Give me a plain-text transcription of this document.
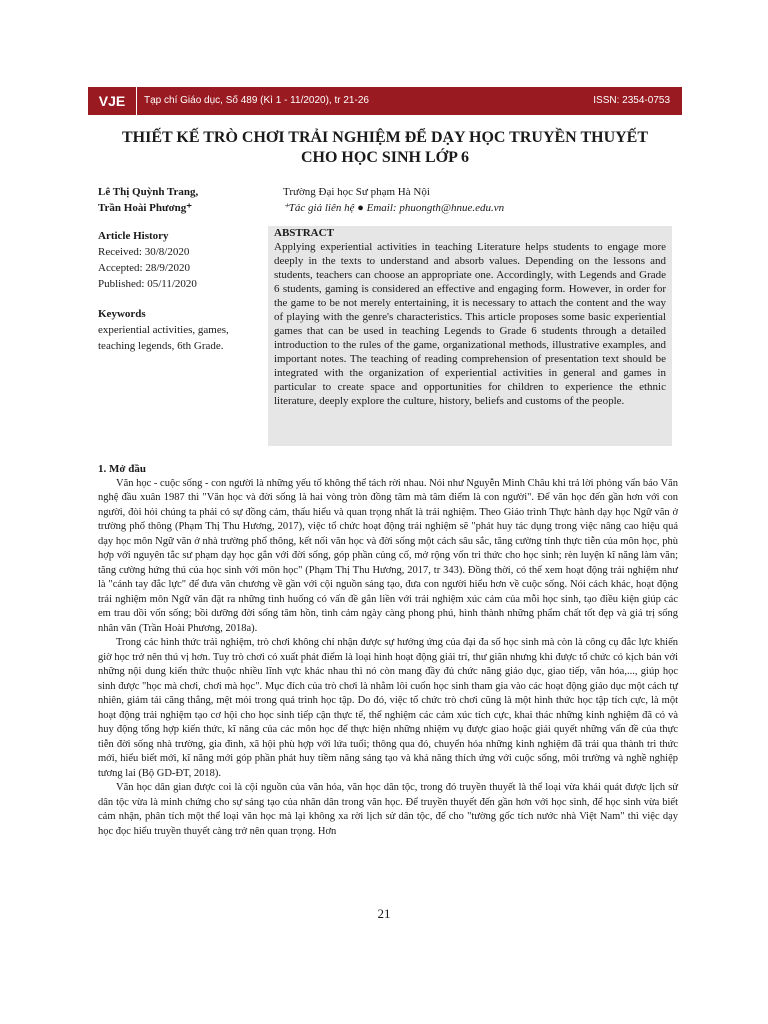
VJE	Tạp chí Giáo dục, Số 489 (Kì 1 - 11/2020), tr 21-26	ISSN: 2354-0753
THIẾT KẾ TRÒ CHƠI TRẢI NGHIỆM ĐỂ DẠY HỌC TRUYỀN THUYẾT
CHO HỌC SINH LỚP 6
Lê Thị Quỳnh Trang,
Trần Hoài Phương⁺
Trường Đại học Sư phạm Hà Nội
⁺Tác giả liên hệ ● Email: phuongth@hnue.edu.vn
Article History
Received: 30/8/2020
Accepted: 28/9/2020
Published: 05/11/2020
Keywords
experiential activities, games, teaching legends, 6th Grade.
ABSTRACT
Applying experiential activities in teaching Literature helps students to engage more deeply in the texts to understand and absorb values. Depending on the lessons and students, teachers can choose an appropriate one. Accordingly, with Legends and Grade 6 students, gaming is considered an effective and engaging form. However, in order for the game to be not merely entertaining, it is necessary to attach the content and the way of playing with the genre's characteristics. This article proposes some basic experiential games that can be used in teaching Legends to Grade 6 students through a detailed introduction to the rules of the game, organizational methods, illustrative examples, and important notes. The teaching of reading comprehension of presentation text should be integrated with the organization of experiential activities in general and games in particular to create space and opportunities for children to experience the ethnic literature, deeply explore the culture, history, beliefs and customs of the people.
1. Mở đầu

Văn học - cuộc sống - con người là những yếu tố không thể tách rời nhau. Nói như Nguyễn Minh Châu khi trả lời phỏng vấn báo Văn nghệ đầu xuân 1987 thì "Văn học và đời sống là hai vòng tròn đồng tâm mà tâm điểm là con người". Để văn học đến gần hơn với con người, đòi hỏi chúng ta phải có sự đồng cảm, thấu hiểu và quan trọng nhất là trải nghiệm. Theo Giáo trình Thực hành dạy học Ngữ văn ở trường phổ thông (Phạm Thị Thu Hương, 2017), việc tổ chức hoạt động trải nghiệm sẽ "phát huy tác dụng trong việc nâng cao hiệu quả dạy học môn Ngữ văn ở nhà trường phổ thông, kết nối văn học và đời sống một cách sâu sắc, tăng cường tính thực tiễn của môn học, phù hợp với nguyên tắc sư phạm dạy học gắn với đời sống, góp phần củng cố, mở rộng vốn tri thức cho học sinh; rèn luyện kĩ năng làm văn; tăng cường hứng thú của học sinh với môn học" (Phạm Thị Thu Hương, 2017, tr 343). Đồng thời, có thể xem hoạt động trải nghiệm như là "cánh tay đắc lực" để đưa văn chương về gần với cội nguồn sáng tạo, đưa con người hiểu hơn về cuộc sống. Nói cách khác, hoạt động trải nghiệm môn Ngữ văn đặt ra những tình huống có vấn đề gắn liền với trải nghiệm xúc cảm của mỗi học sinh, tạo điều kiện giúp các em trau dồi vốn sống; bồi dưỡng đời sống tâm hồn, tình cảm ngày càng phong phú, hình thành những phẩm chất tốt đẹp và giá trị sống nhân văn (Trần Hoài Phương, 2018a).

Trong các hình thức trải nghiệm, trò chơi không chỉ nhận được sự hưởng ứng của đại đa số học sinh mà còn là công cụ đắc lực khiến giờ học trở nên thú vị hơn. Tuy trò chơi có xuất phát điểm là loại hình hoạt động giải trí, thư giãn nhưng khi được tổ chức có kịch bản với những nội dung kiến thức thuộc nhiều lĩnh vực khác nhau thì nó còn mang đầy đủ chức năng giáo dục, giao tiếp, văn hóa,..., giúp học sinh được "học mà chơi, chơi mà học". Mục đích của trò chơi là nhằm lôi cuốn học sinh tham gia vào các hoạt động giáo dục một cách tự nhiên, giảm tải căng thẳng, mệt mỏi trong quá trình học tập. Do đó, việc tổ chức trò chơi cũng là một hình thức học tập tích cực, là một hoạt động trải nghiệm tạo cơ hội cho học sinh tiếp cận thực tế, thể nghiệm các cảm xúc tích cực, khai thác những kinh nghiệm đã có và huy động tổng hợp kiến thức, kĩ năng của các môn học để thực hiện những nhiệm vụ được giao hoặc giải quyết những vấn đề của thực tiễn đời sống nhà trường, gia đình, xã hội phù hợp với lứa tuổi; thông qua đó, chuyển hóa những kinh nghiệm đã trải qua thành tri thức mới, hiểu biết mới, kĩ năng mới góp phần phát huy tiềm năng sáng tạo và khả năng thích ứng với cuộc sống, môi trường và nghề nghiệp tương lai (Bộ GD-ĐT, 2018).

Văn học dân gian được coi là cội nguồn của văn hóa, văn học dân tộc, trong đó truyền thuyết là thể loại vừa khái quát được lịch sử dân tộc vừa là minh chứng cho sự sáng tạo của nhân dân trong văn học. Để truyền thuyết đến gần hơn với học sinh, để học sinh vừa biết cảm nhận, phân tích một thể loại văn học mà lại không xa rời lịch sử dân tộc, để cho "tường gốc tích nước nhà Việt Nam" thì việc dạy học đọc hiểu truyền thuyết càng trở nên quan trọng. Hơn

21
